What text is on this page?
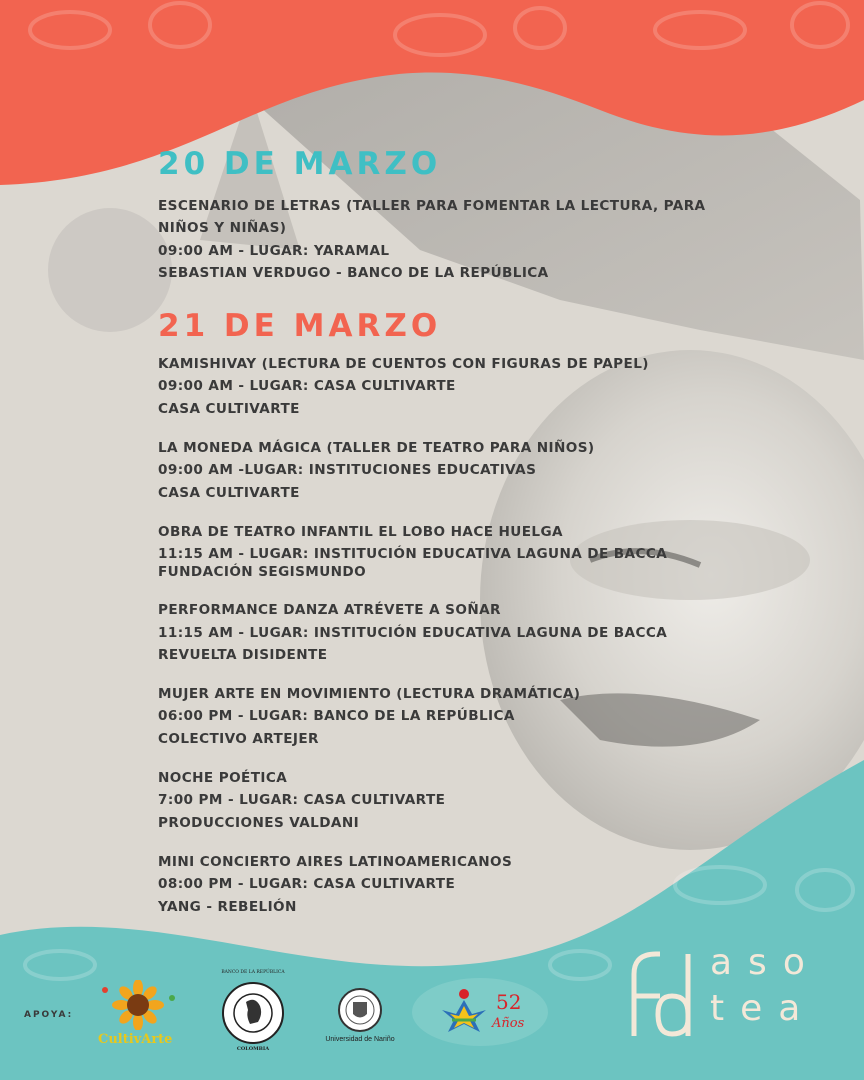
20 DE MARZO

ESCENARIO DE LETRAS (TALLER PARA FOMENTAR LA LECTURA, PARA

NIÑOS Y NIÑAS)

09:00 AM - LUGAR: YARAMAL

SEBASTIAN VERDUGO - BANCO DE LA REPÚBLICA

21 DE MARZO

KAMISHIVAY (LECTURA DE CUENTOS CON FIGURAS DE PAPEL)

09:00 AM - LUGAR: CASA CULTIVARTE

CASA CULTIVARTE

LA MONEDA MÁGICA (TALLER DE TEATRO PARA NIÑOS)

09:00 AM -LUGAR: INSTITUCIONES EDUCATIVAS

CASA CULTIVARTE

OBRA DE TEATRO INFANTIL EL LOBO HACE HUELGA

11:15 AM - LUGAR: INSTITUCIÓN EDUCATIVA LAGUNA DE BACCA

FUNDACIÓN SEGISMUNDO

PERFORMANCE DANZA ATRÉVETE A SOÑAR

11:15 AM - LUGAR: INSTITUCIÓN EDUCATIVA LAGUNA DE BACCA

REVUELTA DISIDENTE

MUJER ARTE EN MOVIMIENTO (LECTURA DRAMÁTICA)

06:00 PM - LUGAR: BANCO DE LA REPÚBLICA

COLECTIVO ARTEJER

NOCHE POÉTICA

7:00 PM - LUGAR: CASA CULTIVARTE

PRODUCCIONES VALDANI

MINI CONCIERTO AIRES LATINOAMERICANOS

08:00 PM - LUGAR: CASA CULTIVARTE

YANG - REBELIÓN

APOYA:
CultivArte
BANCO DE LA REPÚBLICA
COLOMBIA
Universidad de Nariño
52
Años
aso
tea
